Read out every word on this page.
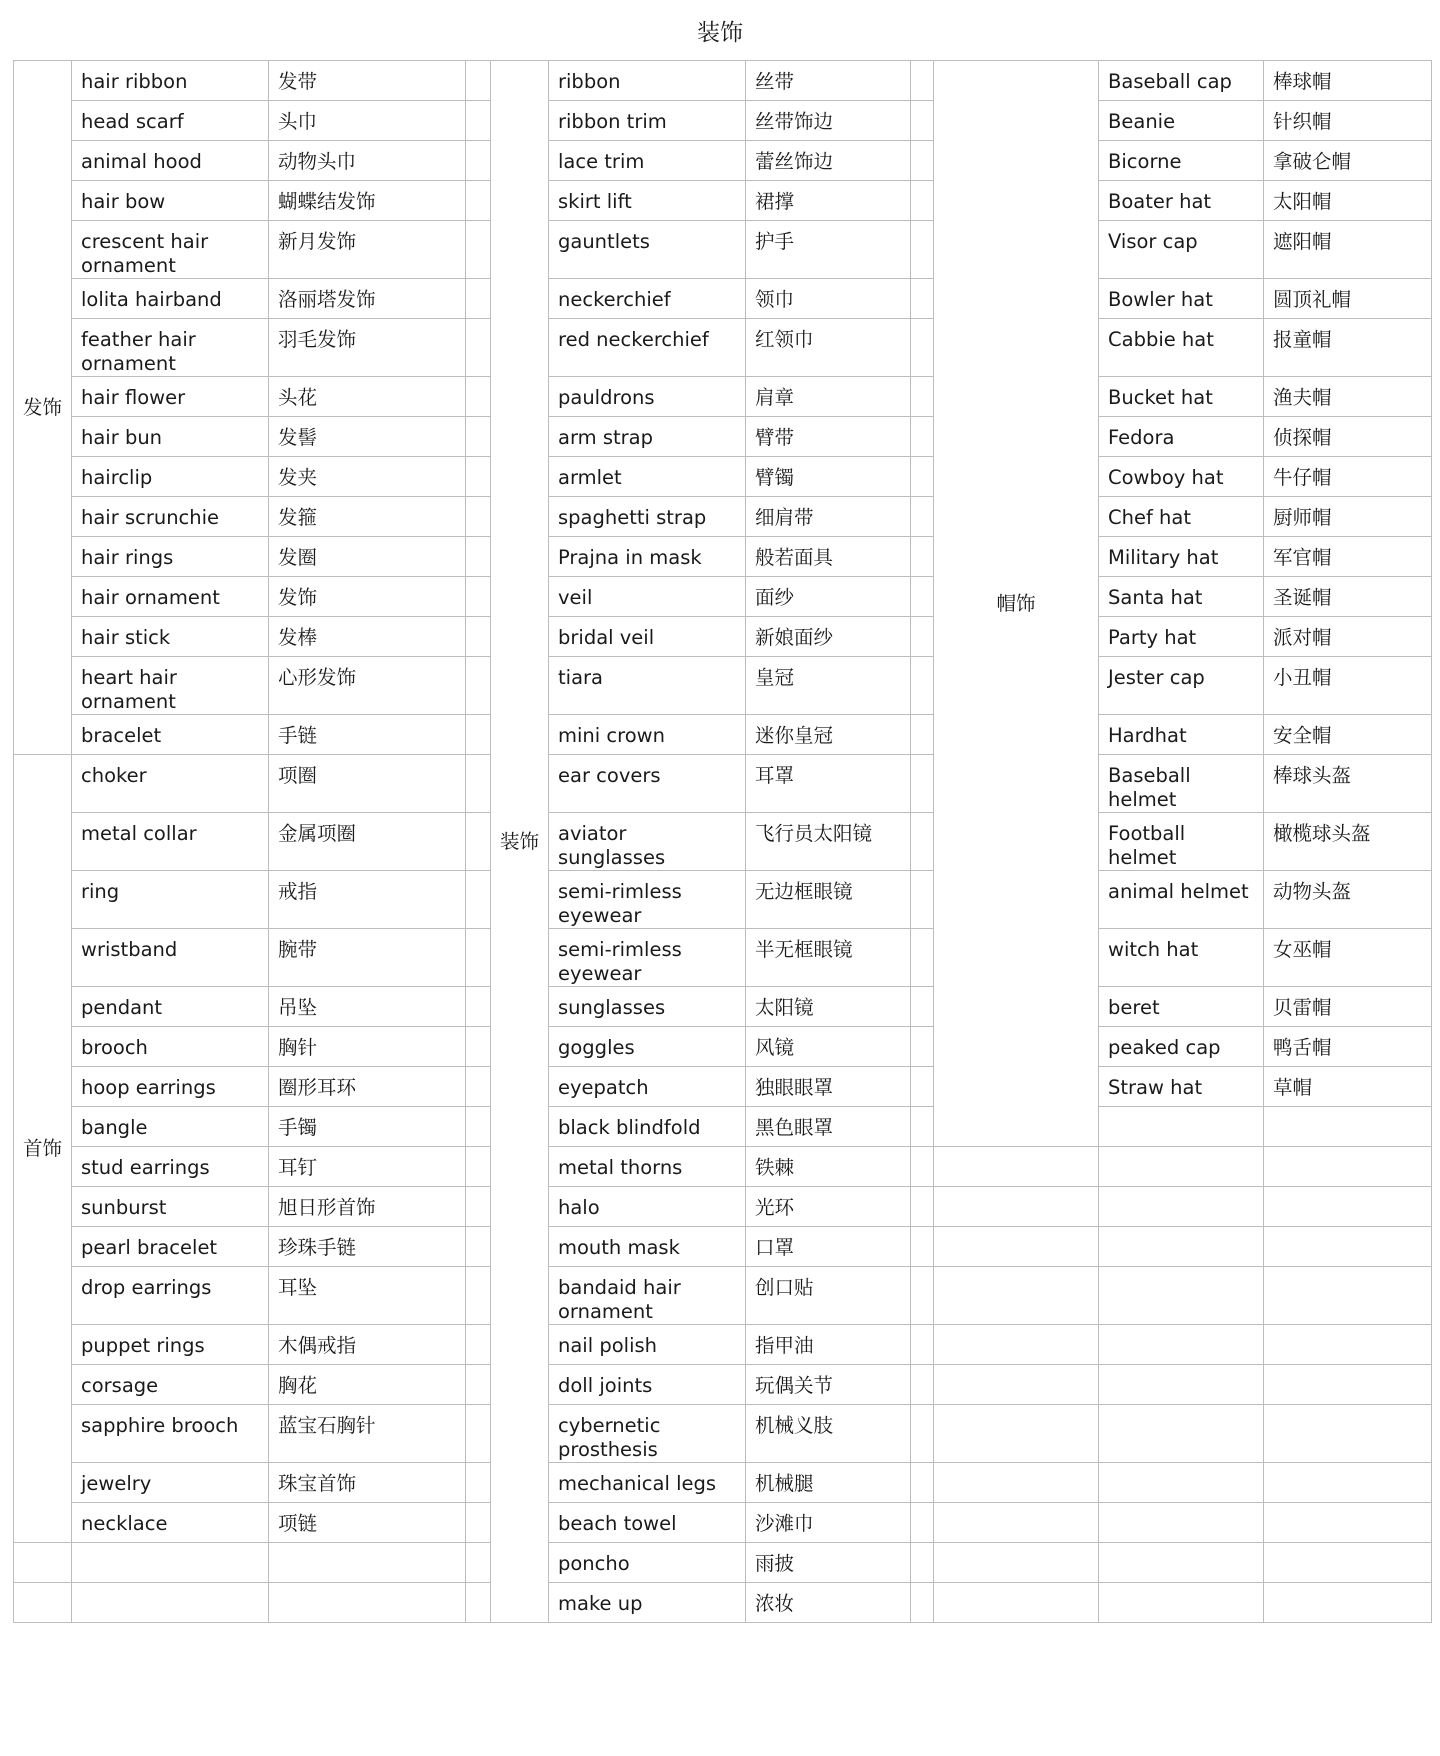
装饰
发饰	hair ribbon	发带		装饰	ribbon	丝带		帽饰	Baseball cap	棒球帽

	head scarf	头巾			ribbon trim	丝带饰边			Beanie	针织帽

	animal hood	动物头巾			lace trim	蕾丝饰边			Bicorne	拿破仑帽

	hair bow	蝴蝶结发饰			skirt lift	裙撑			Boater hat	太阳帽

	crescent hair ornament	新月发饰			gauntlets	护手			Visor cap	遮阳帽

	lolita hairband	洛丽塔发饰			neckerchief	领巾			Bowler hat	圆顶礼帽

	feather hair ornament	羽毛发饰			red neckerchief	红领巾			Cabbie hat	报童帽

	hair flower	头花			pauldrons	肩章			Bucket hat	渔夫帽

	hair bun	发髻			arm strap	臂带			Fedora	侦探帽

	hairclip	发夹			armlet	臂镯			Cowboy hat	牛仔帽

	hair scrunchie	发箍			spaghetti strap	细肩带			Chef hat	厨师帽

	hair rings	发圈			Prajna in mask	般若面具			Military hat	军官帽

	hair ornament	发饰			veil	面纱			Santa hat	圣诞帽

	hair stick	发棒			bridal veil	新娘面纱			Party hat	派对帽

	heart hair ornament	心形发饰			tiara	皇冠			Jester cap	小丑帽

	bracelet	手链			mini crown	迷你皇冠			Hardhat	安全帽

首饰	choker	项圈			ear covers	耳罩			Baseball helmet	棒球头盔

	metal collar	金属项圈			aviator sunglasses	飞行员太阳镜			Football helmet	橄榄球头盔

	ring	戒指			semi-rimless eyewear	无边框眼镜			animal helmet	动物头盔

	wristband	腕带			semi-rimless eyewear	半无框眼镜			witch hat	女巫帽

	pendant	吊坠			sunglasses	太阳镜			beret	贝雷帽

	brooch	胸针			goggles	风镜			peaked cap	鸭舌帽

	hoop earrings	圈形耳环			eyepatch	独眼眼罩			Straw hat	草帽

	bangle	手镯			black blindfold	黑色眼罩				

	stud earrings	耳钉			metal thorns	铁棘				

	sunburst	旭日形首饰			halo	光环				

	pearl bracelet	珍珠手链			mouth mask	口罩				

	drop earrings	耳坠			bandaid hair ornament	创口贴				

	puppet rings	木偶戒指			nail polish	指甲油				

	corsage	胸花			doll joints	玩偶关节				

	sapphire brooch	蓝宝石胸针			cybernetic prosthesis	机械义肢				

	jewelry	珠宝首饰			mechanical legs	机械腿				

	necklace	项链			beach towel	沙滩巾				

					poncho	雨披				

					make up	浓妆				
